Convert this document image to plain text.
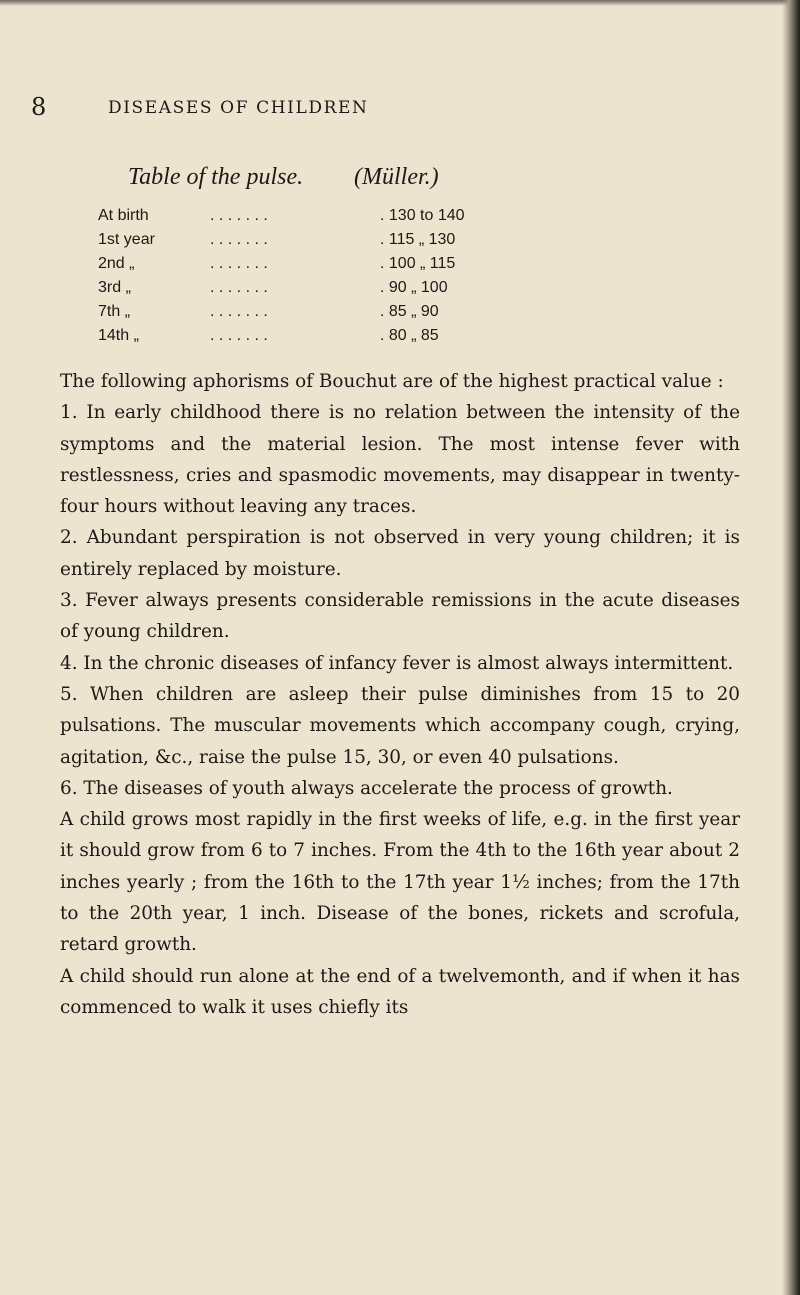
8	DISEASES OF CHILDREN
Table of the pulse. (Müller.)
At birth	. . . . . . .	. 130 to 140
1st year	. . . . . . .	. 115 „ 130
2nd „	. . . . . . .	. 100 „ 115
3rd „	. . . . . . .	. 90 „ 100
7th „	. . . . . . .	. 85 „ 90
14th „	. . . . . . .	. 80 „ 85

The following aphorisms of Bouchut are of the highest practical value :

1. In early childhood there is no relation between the intensity of the symptoms and the material lesion. The most intense fever with restlessness, cries and spasmodic movements, may disappear in twenty-four hours without leaving any traces.

2. Abundant perspiration is not observed in very young children; it is entirely replaced by moisture.

3. Fever always presents considerable remissions in the acute diseases of young children.

4. In the chronic diseases of infancy fever is almost always intermittent.

5. When children are asleep their pulse diminishes from 15 to 20 pulsations. The muscular movements which accompany cough, crying, agitation, &c., raise the pulse 15, 30, or even 40 pulsations.

6. The diseases of youth always accelerate the process of growth.

A child grows most rapidly in the first weeks of life, e.g. in the first year it should grow from 6 to 7 inches. From the 4th to the 16th year about 2 inches yearly ; from the 16th to the 17th year 1½ inches; from the 17th to the 20th year, 1 inch. Disease of the bones, rickets and scrofula, retard growth.

A child should run alone at the end of a twelvemonth, and if when it has commenced to walk it uses chiefly its
